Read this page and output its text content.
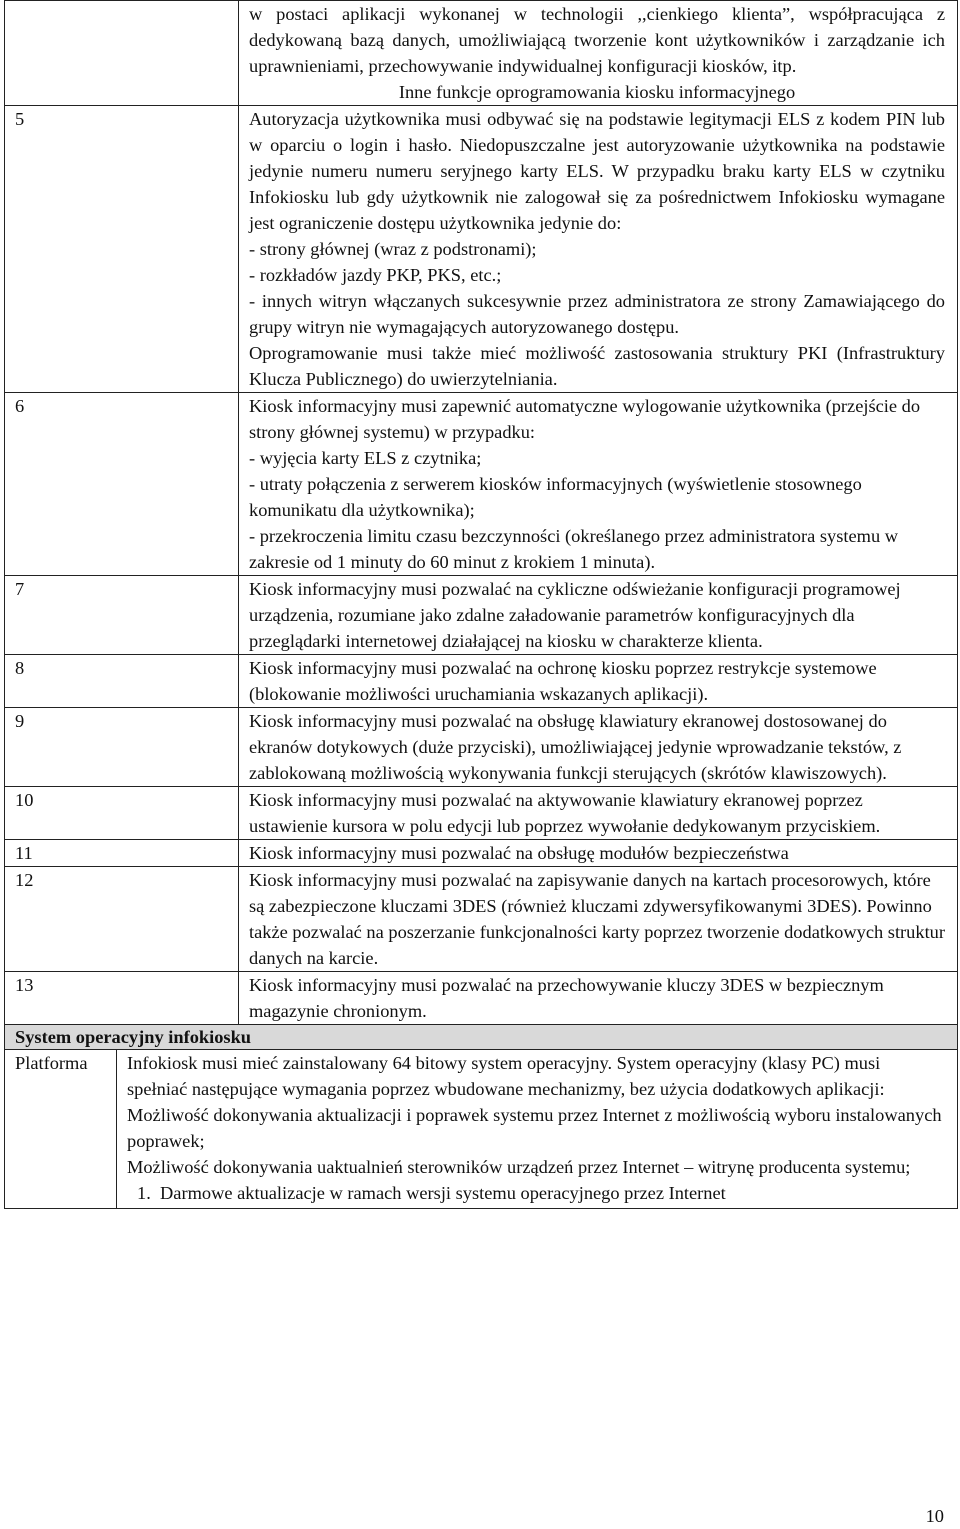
	w postaci aplikacji wykonanej w technologii ,,cienkiego klienta”, współpracująca z dedykowaną bazą danych, umożliwiającą tworzenie kont użytkowników i zarządzanie ich uprawnieniami, przechowywanie indywidualnej konfiguracji kiosków, itp.

Inne funkcje oprogramowania kiosku informacyjnego

5	Autoryzacja użytkownika musi odbywać się na podstawie legitymacji ELS z kodem PIN lub w oparciu o login i hasło. Niedopuszczalne jest autoryzowanie użytkownika na podstawie jedynie numeru numeru seryjnego karty ELS. W przypadku braku karty ELS w czytniku Infokiosku lub gdy użytkownik nie zalogował się za pośrednictwem Infokiosku wymagane jest ograniczenie dostępu użytkownika jedynie do:

- strony głównej (wraz z podstronami);

- rozkładów jazdy PKP, PKS, etc.;

- innych witryn włączanych sukcesywnie przez administratora ze strony Zamawiającego do grupy witryn nie wymagających autoryzowanego dostępu.

Oprogramowanie musi także mieć możliwość zastosowania struktury PKI (Infrastruktury Klucza Publicznego) do uwierzytelniania.

6	Kiosk informacyjny musi zapewnić automatyczne wylogowanie użytkownika (przejście do strony głównej systemu) w przypadku:

- wyjęcia karty ELS z czytnika;

- utraty połączenia z serwerem kiosków informacyjnych (wyświetlenie stosownego komunikatu dla użytkownika);

- przekroczenia limitu czasu bezczynności (określanego przez administratora systemu w zakresie od 1 minuty do 60 minut z krokiem 1 minuta).

7	Kiosk informacyjny musi pozwalać na cykliczne odświeżanie konfiguracji programowej urządzenia, rozumiane jako zdalne załadowanie parametrów konfiguracyjnych dla przeglądarki internetowej działającej na kiosku w charakterze klienta.

8	Kiosk informacyjny musi pozwalać na ochronę kiosku poprzez restrykcje systemowe (blokowanie możliwości uruchamiania wskazanych aplikacji).

9	Kiosk informacyjny musi pozwalać na obsługę klawiatury ekranowej dostosowanej do ekranów dotykowych (duże przyciski), umożliwiającej jedynie wprowadzanie tekstów, z zablokowaną możliwością wykonywania funkcji sterujących (skrótów klawiszowych).

10	Kiosk informacyjny musi pozwalać na aktywowanie klawiatury ekranowej poprzez ustawienie kursora w polu edycji lub poprzez wywołanie dedykowanym przyciskiem.

11	Kiosk informacyjny musi pozwalać na obsługę modułów bezpieczeństwa

12	Kiosk informacyjny musi pozwalać na zapisywanie danych na kartach procesorowych, które są zabezpieczone kluczami 3DES (również kluczami zdywersyfikowanymi 3DES). Powinno także pozwalać na poszerzanie funkcjonalności karty poprzez tworzenie dodatkowych struktur danych na karcie.

13	Kiosk informacyjny musi pozwalać na przechowywanie kluczy 3DES w bezpiecznym magazynie chronionym.

System operacyjny infokiosku
Platforma	Infokiosk musi mieć zainstalowany 64 bitowy system operacyjny. System operacyjny (klasy PC) musi spełniać następujące wymagania poprzez wbudowane mechanizmy, bez użycia dodatkowych aplikacji:

Możliwość dokonywania aktualizacji i poprawek systemu przez Internet z możliwością wyboru instalowanych poprawek;

Możliwość dokonywania uaktualnień sterowników urządzeń przez Internet – witrynę producenta systemu;

1. Darmowe aktualizacje w ramach wersji systemu operacyjnego przez Internet

10
